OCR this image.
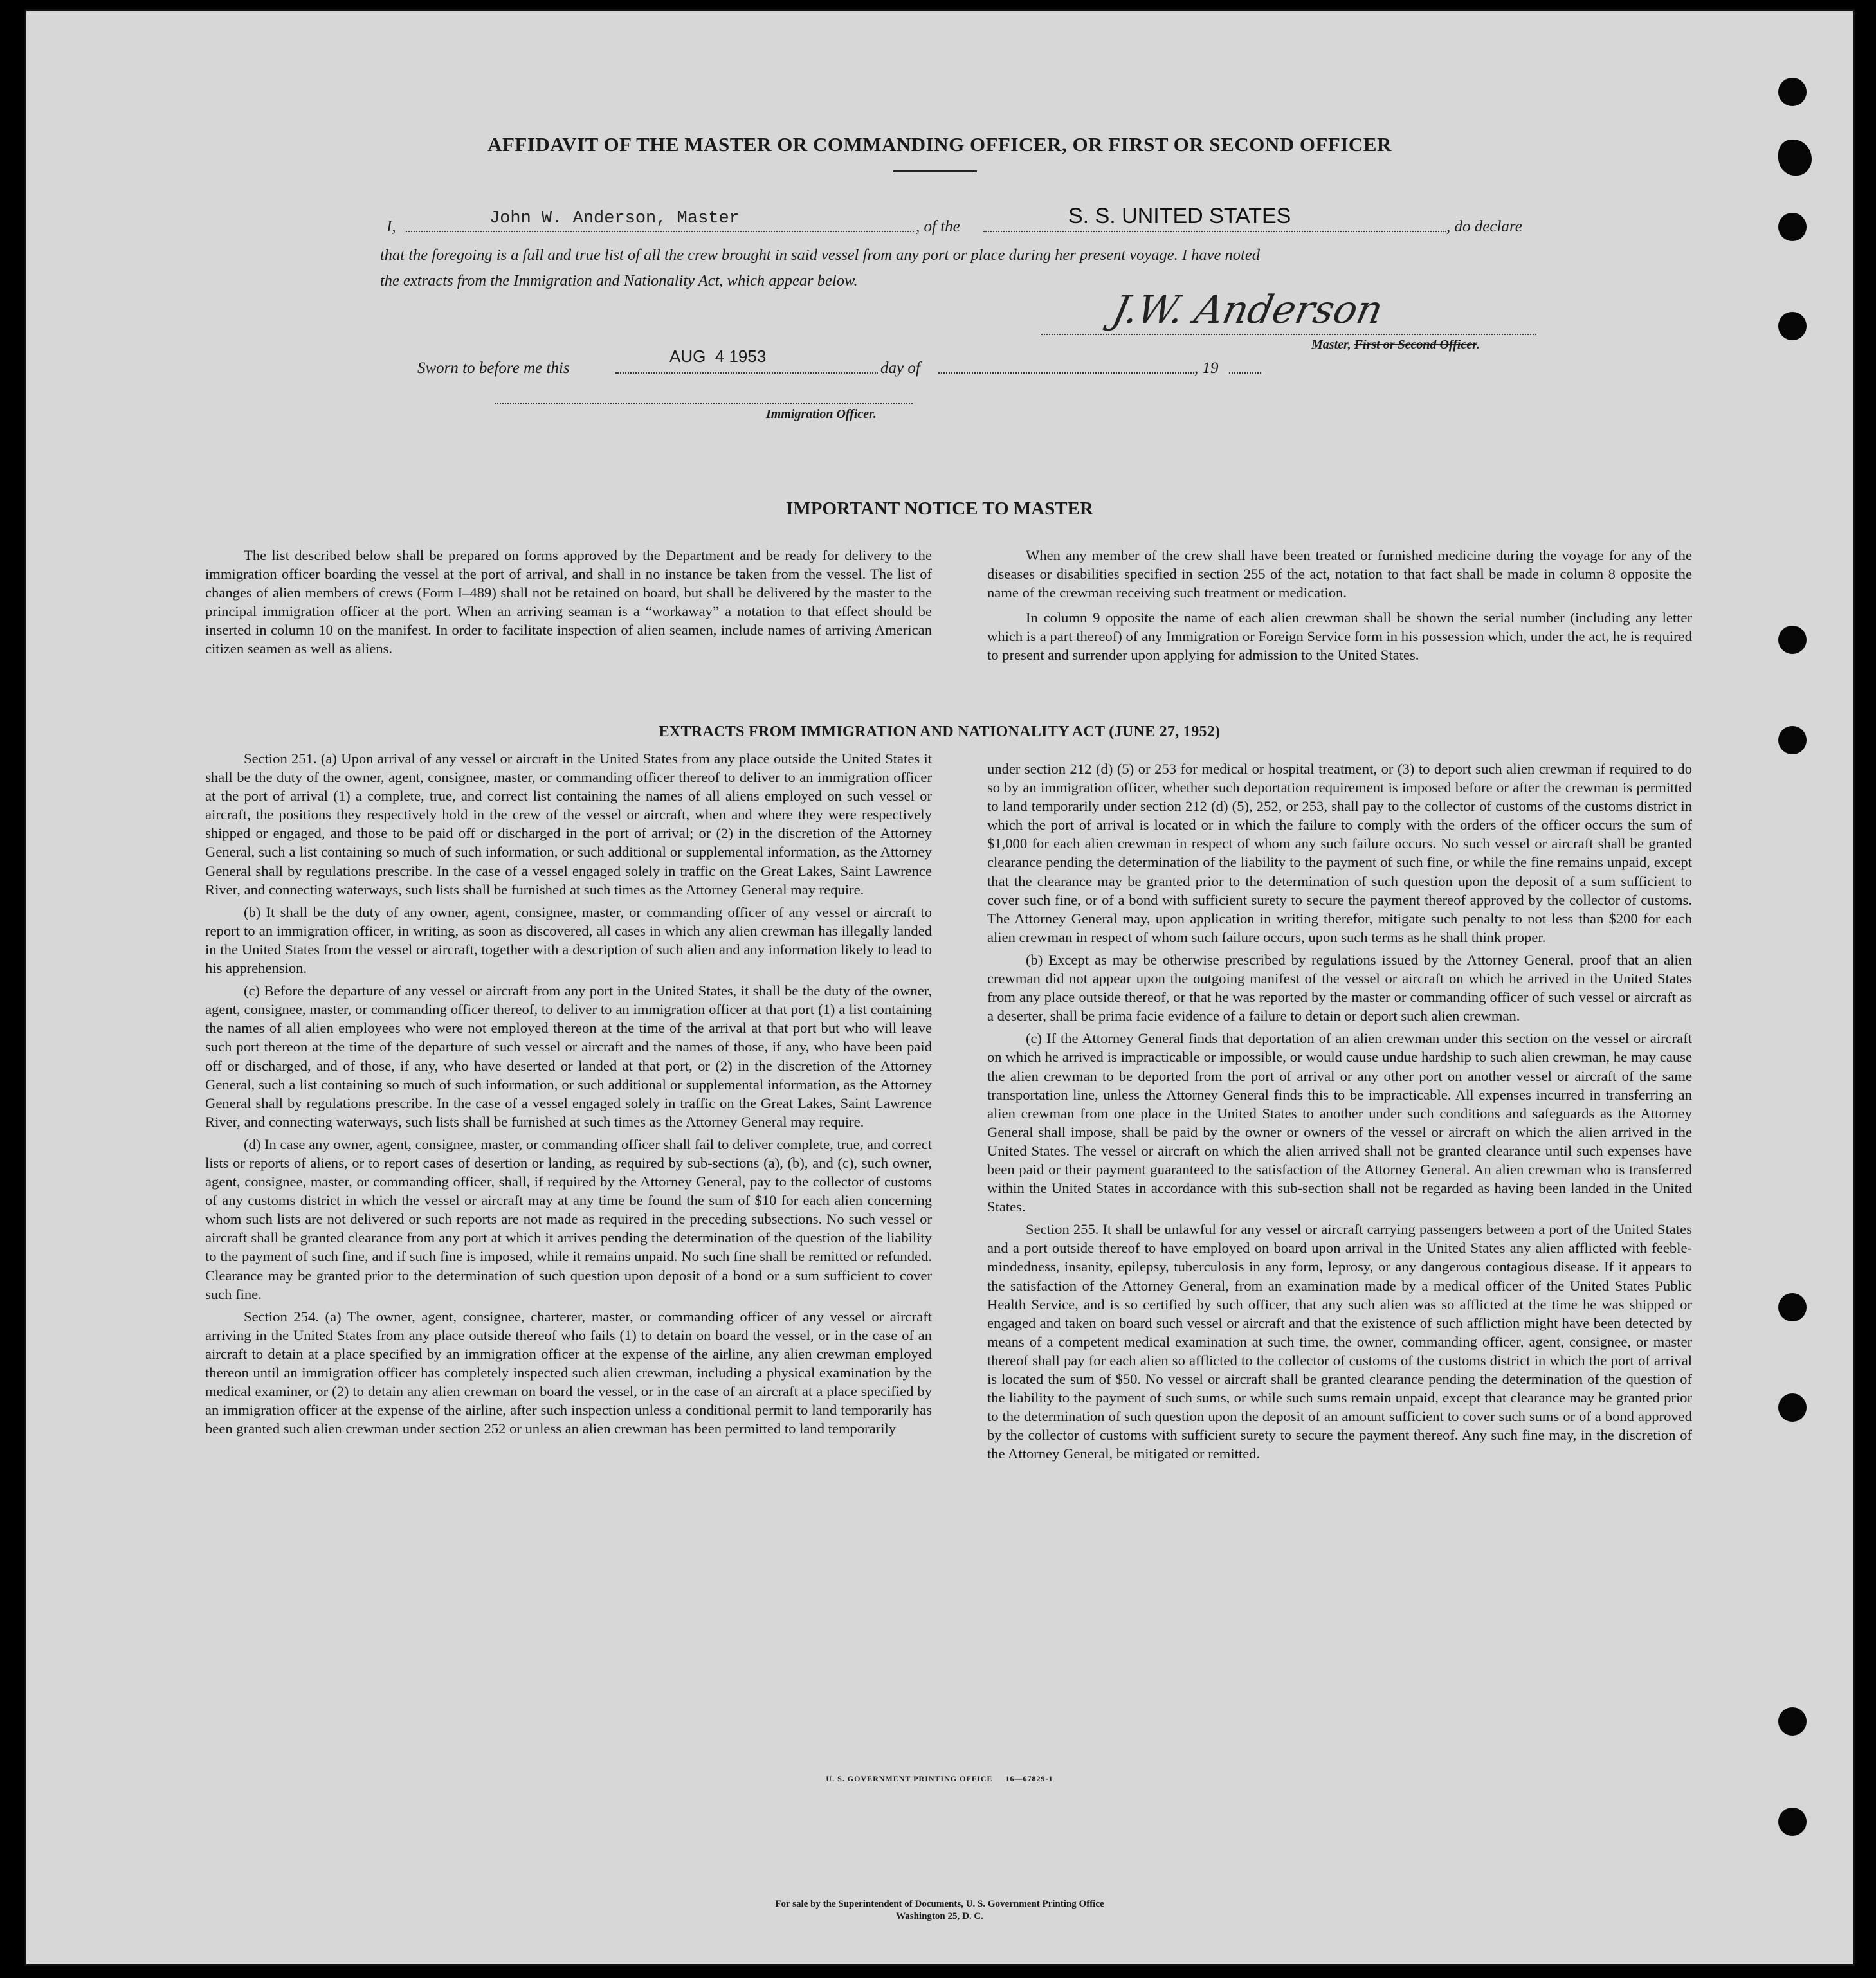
AFFIDAVIT OF THE MASTER OR COMMANDING OFFICER, OR FIRST OR SECOND OFFICER
I,	John W. Anderson, Master	, of the	S. S. UNITED STATES	, do declare
that the foregoing is a full and true list of all the crew brought in said vessel from any port or place during her present voyage. I have noted
the extracts from the Immigration and Nationality Act, which appear below.
J.W. Anderson
Master, First or Second Officer.
Sworn to before me this
AUG  4 1953
day of	, 19
Immigration Officer.
IMPORTANT NOTICE TO MASTER

The list described below shall be prepared on forms approved by the Department and be ready for delivery to the immigration officer boarding the vessel at the port of arrival, and shall in no instance be taken from the vessel. The list of changes of alien members of crews (Form I–489) shall not be retained on board, but shall be delivered by the master to the principal immigration officer at the port. When an arriving seaman is a “workaway” a notation to that effect should be inserted in column 10 on the manifest. In order to facilitate inspection of alien seamen, include names of arriving American citizen seamen as well as aliens.

When any member of the crew shall have been treated or furnished medicine during the voyage for any of the diseases or disabilities specified in section 255 of the act, notation to that fact shall be made in column 8 opposite the name of the crewman receiving such treatment or medication.

In column 9 opposite the name of each alien crewman shall be shown the serial number (including any letter which is a part thereof) of any Immigration or Foreign Service form in his possession which, under the act, he is required to present and surrender upon applying for admission to the United States.

EXTRACTS FROM IMMIGRATION AND NATIONALITY ACT (JUNE 27, 1952)

Section 251. (a) Upon arrival of any vessel or aircraft in the United States from any place outside the United States it shall be the duty of the owner, agent, consignee, master, or commanding officer thereof to deliver to an immigration officer at the port of arrival (1) a complete, true, and correct list containing the names of all aliens employed on such vessel or aircraft, the positions they respectively hold in the crew of the vessel or aircraft, when and where they were respectively shipped or engaged, and those to be paid off or discharged in the port of arrival; or (2) in the discretion of the Attorney General, such a list containing so much of such information, or such additional or supplemental information, as the Attorney General shall by regulations prescribe. In the case of a vessel engaged solely in traffic on the Great Lakes, Saint Lawrence River, and connecting waterways, such lists shall be furnished at such times as the Attorney General may require.

(b) It shall be the duty of any owner, agent, consignee, master, or commanding officer of any vessel or aircraft to report to an immigration officer, in writing, as soon as discovered, all cases in which any alien crewman has illegally landed in the United States from the vessel or aircraft, together with a description of such alien and any information likely to lead to his apprehension.

(c) Before the departure of any vessel or aircraft from any port in the United States, it shall be the duty of the owner, agent, consignee, master, or commanding officer thereof, to deliver to an immigration officer at that port (1) a list containing the names of all alien employees who were not employed thereon at the time of the arrival at that port but who will leave such port thereon at the time of the departure of such vessel or aircraft and the names of those, if any, who have been paid off or discharged, and of those, if any, who have deserted or landed at that port, or (2) in the discretion of the Attorney General, such a list containing so much of such information, or such additional or supplemental information, as the Attorney General shall by regulations prescribe. In the case of a vessel engaged solely in traffic on the Great Lakes, Saint Lawrence River, and connecting waterways, such lists shall be furnished at such times as the Attorney General may require.

(d) In case any owner, agent, consignee, master, or commanding officer shall fail to deliver complete, true, and correct lists or reports of aliens, or to report cases of desertion or landing, as required by sub-sections (a), (b), and (c), such owner, agent, consignee, master, or commanding officer, shall, if required by the Attorney General, pay to the collector of customs of any customs district in which the vessel or aircraft may at any time be found the sum of $10 for each alien concerning whom such lists are not delivered or such reports are not made as required in the preceding subsections. No such vessel or aircraft shall be granted clearance from any port at which it arrives pending the determination of the question of the liability to the payment of such fine, and if such fine is imposed, while it remains unpaid. No such fine shall be remitted or refunded. Clearance may be granted prior to the determination of such question upon deposit of a bond or a sum sufficient to cover such fine.

Section 254. (a) The owner, agent, consignee, charterer, master, or commanding officer of any vessel or aircraft arriving in the United States from any place outside thereof who fails (1) to detain on board the vessel, or in the case of an aircraft to detain at a place specified by an immigration officer at the expense of the airline, any alien crewman employed thereon until an immigration officer has completely inspected such alien crewman, including a physical examination by the medical examiner, or (2) to detain any alien crewman on board the vessel, or in the case of an aircraft at a place specified by an immigration officer at the expense of the airline, after such inspection unless a conditional permit to land temporarily has been granted such alien crewman under section 252 or unless an alien crewman has been permitted to land temporarily

under section 212 (d) (5) or 253 for medical or hospital treatment, or (3) to deport such alien crewman if required to do so by an immigration officer, whether such deportation requirement is imposed before or after the crewman is permitted to land temporarily under section 212 (d) (5), 252, or 253, shall pay to the collector of customs of the customs district in which the port of arrival is located or in which the failure to comply with the orders of the officer occurs the sum of $1,000 for each alien crewman in respect of whom any such failure occurs. No such vessel or aircraft shall be granted clearance pending the determination of the liability to the payment of such fine, or while the fine remains unpaid, except that the clearance may be granted prior to the determination of such question upon the deposit of a sum sufficient to cover such fine, or of a bond with sufficient surety to secure the payment thereof approved by the collector of customs. The Attorney General may, upon application in writing therefor, mitigate such penalty to not less than $200 for each alien crewman in respect of whom such failure occurs, upon such terms as he shall think proper.

(b) Except as may be otherwise prescribed by regulations issued by the Attorney General, proof that an alien crewman did not appear upon the outgoing manifest of the vessel or aircraft on which he arrived in the United States from any place outside thereof, or that he was reported by the master or commanding officer of such vessel or aircraft as a deserter, shall be prima facie evidence of a failure to detain or deport such alien crewman.

(c) If the Attorney General finds that deportation of an alien crewman under this section on the vessel or aircraft on which he arrived is impracticable or impossible, or would cause undue hardship to such alien crewman, he may cause the alien crewman to be deported from the port of arrival or any other port on another vessel or aircraft of the same transportation line, unless the Attorney General finds this to be impracticable. All expenses incurred in transferring an alien crewman from one place in the United States to another under such conditions and safeguards as the Attorney General shall impose, shall be paid by the owner or owners of the vessel or aircraft on which the alien arrived in the United States. The vessel or aircraft on which the alien arrived shall not be granted clearance until such expenses have been paid or their payment guaranteed to the satisfaction of the Attorney General. An alien crewman who is transferred within the United States in accordance with this sub-section shall not be regarded as having been landed in the United States.

Section 255. It shall be unlawful for any vessel or aircraft carrying passengers between a port of the United States and a port outside thereof to have employed on board upon arrival in the United States any alien afflicted with feeble-mindedness, insanity, epilepsy, tuberculosis in any form, leprosy, or any dangerous contagious disease. If it appears to the satisfaction of the Attorney General, from an examination made by a medical officer of the United States Public Health Service, and is so certified by such officer, that any such alien was so afflicted at the time he was shipped or engaged and taken on board such vessel or aircraft and that the existence of such affliction might have been detected by means of a competent medical examination at such time, the owner, commanding officer, agent, consignee, or master thereof shall pay for each alien so afflicted to the collector of customs of the customs district in which the port of arrival is located the sum of $50. No vessel or aircraft shall be granted clearance pending the determination of the question of the liability to the payment of such sums, or while such sums remain unpaid, except that clearance may be granted prior to the determination of such question upon the deposit of an amount sufficient to cover such sums or of a bond approved by the collector of customs with sufficient surety to secure the payment thereof. Any such fine may, in the discretion of the Attorney General, be mitigated or remitted.

U. S. GOVERNMENT PRINTING OFFICE     16—67829-1
For sale by the Superintendent of Documents, U. S. Government Printing Office
Washington 25, D. C.
